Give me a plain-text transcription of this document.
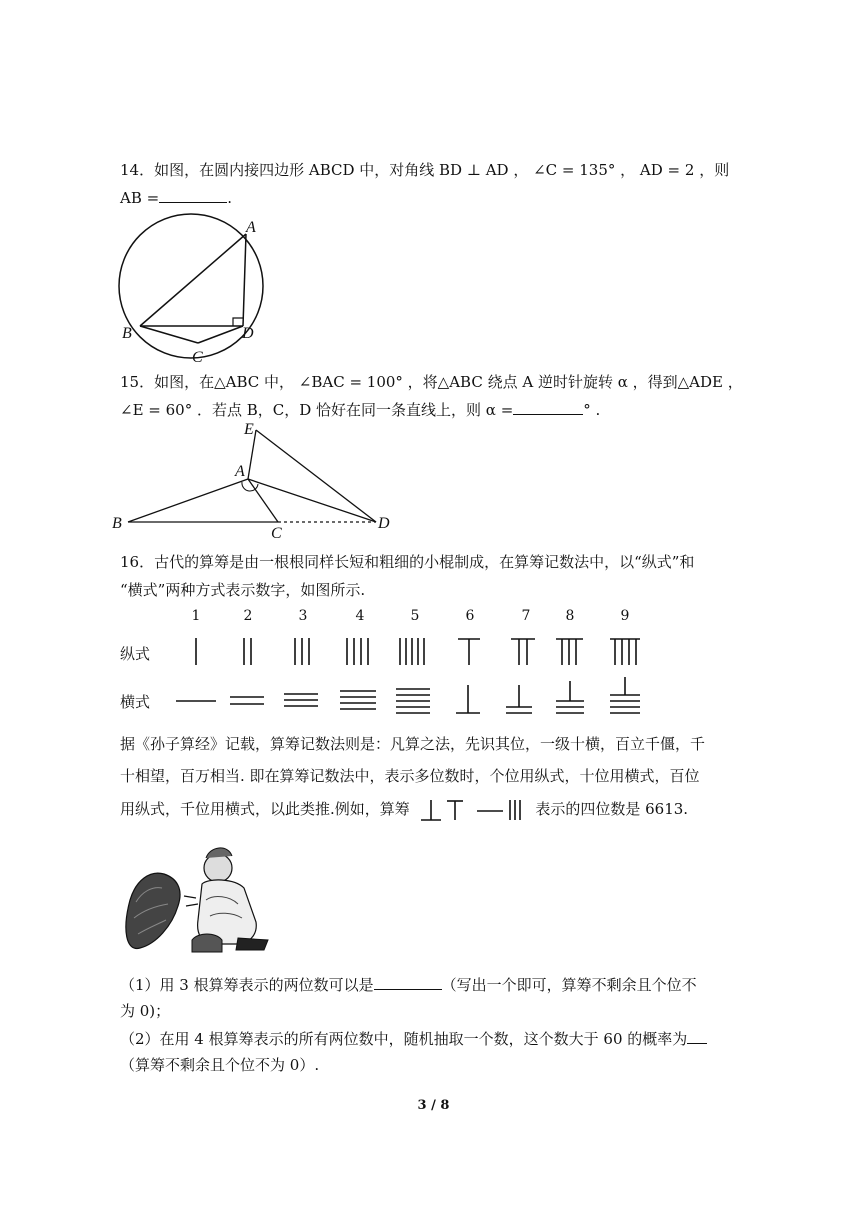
14．如图，在圆内接四边形 ABCD 中，对角线 BD ⊥ AD ， ∠C = 135° ， AD = 2 ，则
AB =	.
A
B
C
D
15．如图，在△ABC 中， ∠BAC = 100° ，将△ABC 绕点 A 逆时针旋转 α ，得到△ADE ，
∠E = 60° ．若点 B，C，D 恰好在同一条直线上，则 α =	° .
E
A
B
C
D
16．古代的算筹是由一根根同样长短和粗细的小棍制成，在算筹记数法中，以“纵式”和
“横式”两种方式表示数字，如图所示.
1	2	3	4	5	6	7	8	9
纵式
横式
据《孙子算经》记载，算筹记数法则是：凡算之法，先识其位，一级十横，百立千僵，千
十相望，百万相当. 即在算筹记数法中，表示多位数时，个位用纵式，十位用横式，百位
用纵式，千位用横式，以此类推.例如，算筹	表示的四位数是 6613.
（1）用 3 根算筹表示的两位数可以是	（写出一个即可，算筹不剩余且个位不
为 0)；
（2）在用 4 根算筹表示的所有两位数中，随机抽取一个数，这个数大于 60 的概率为
（算筹不剩余且个位不为 0）.
3 / 8
